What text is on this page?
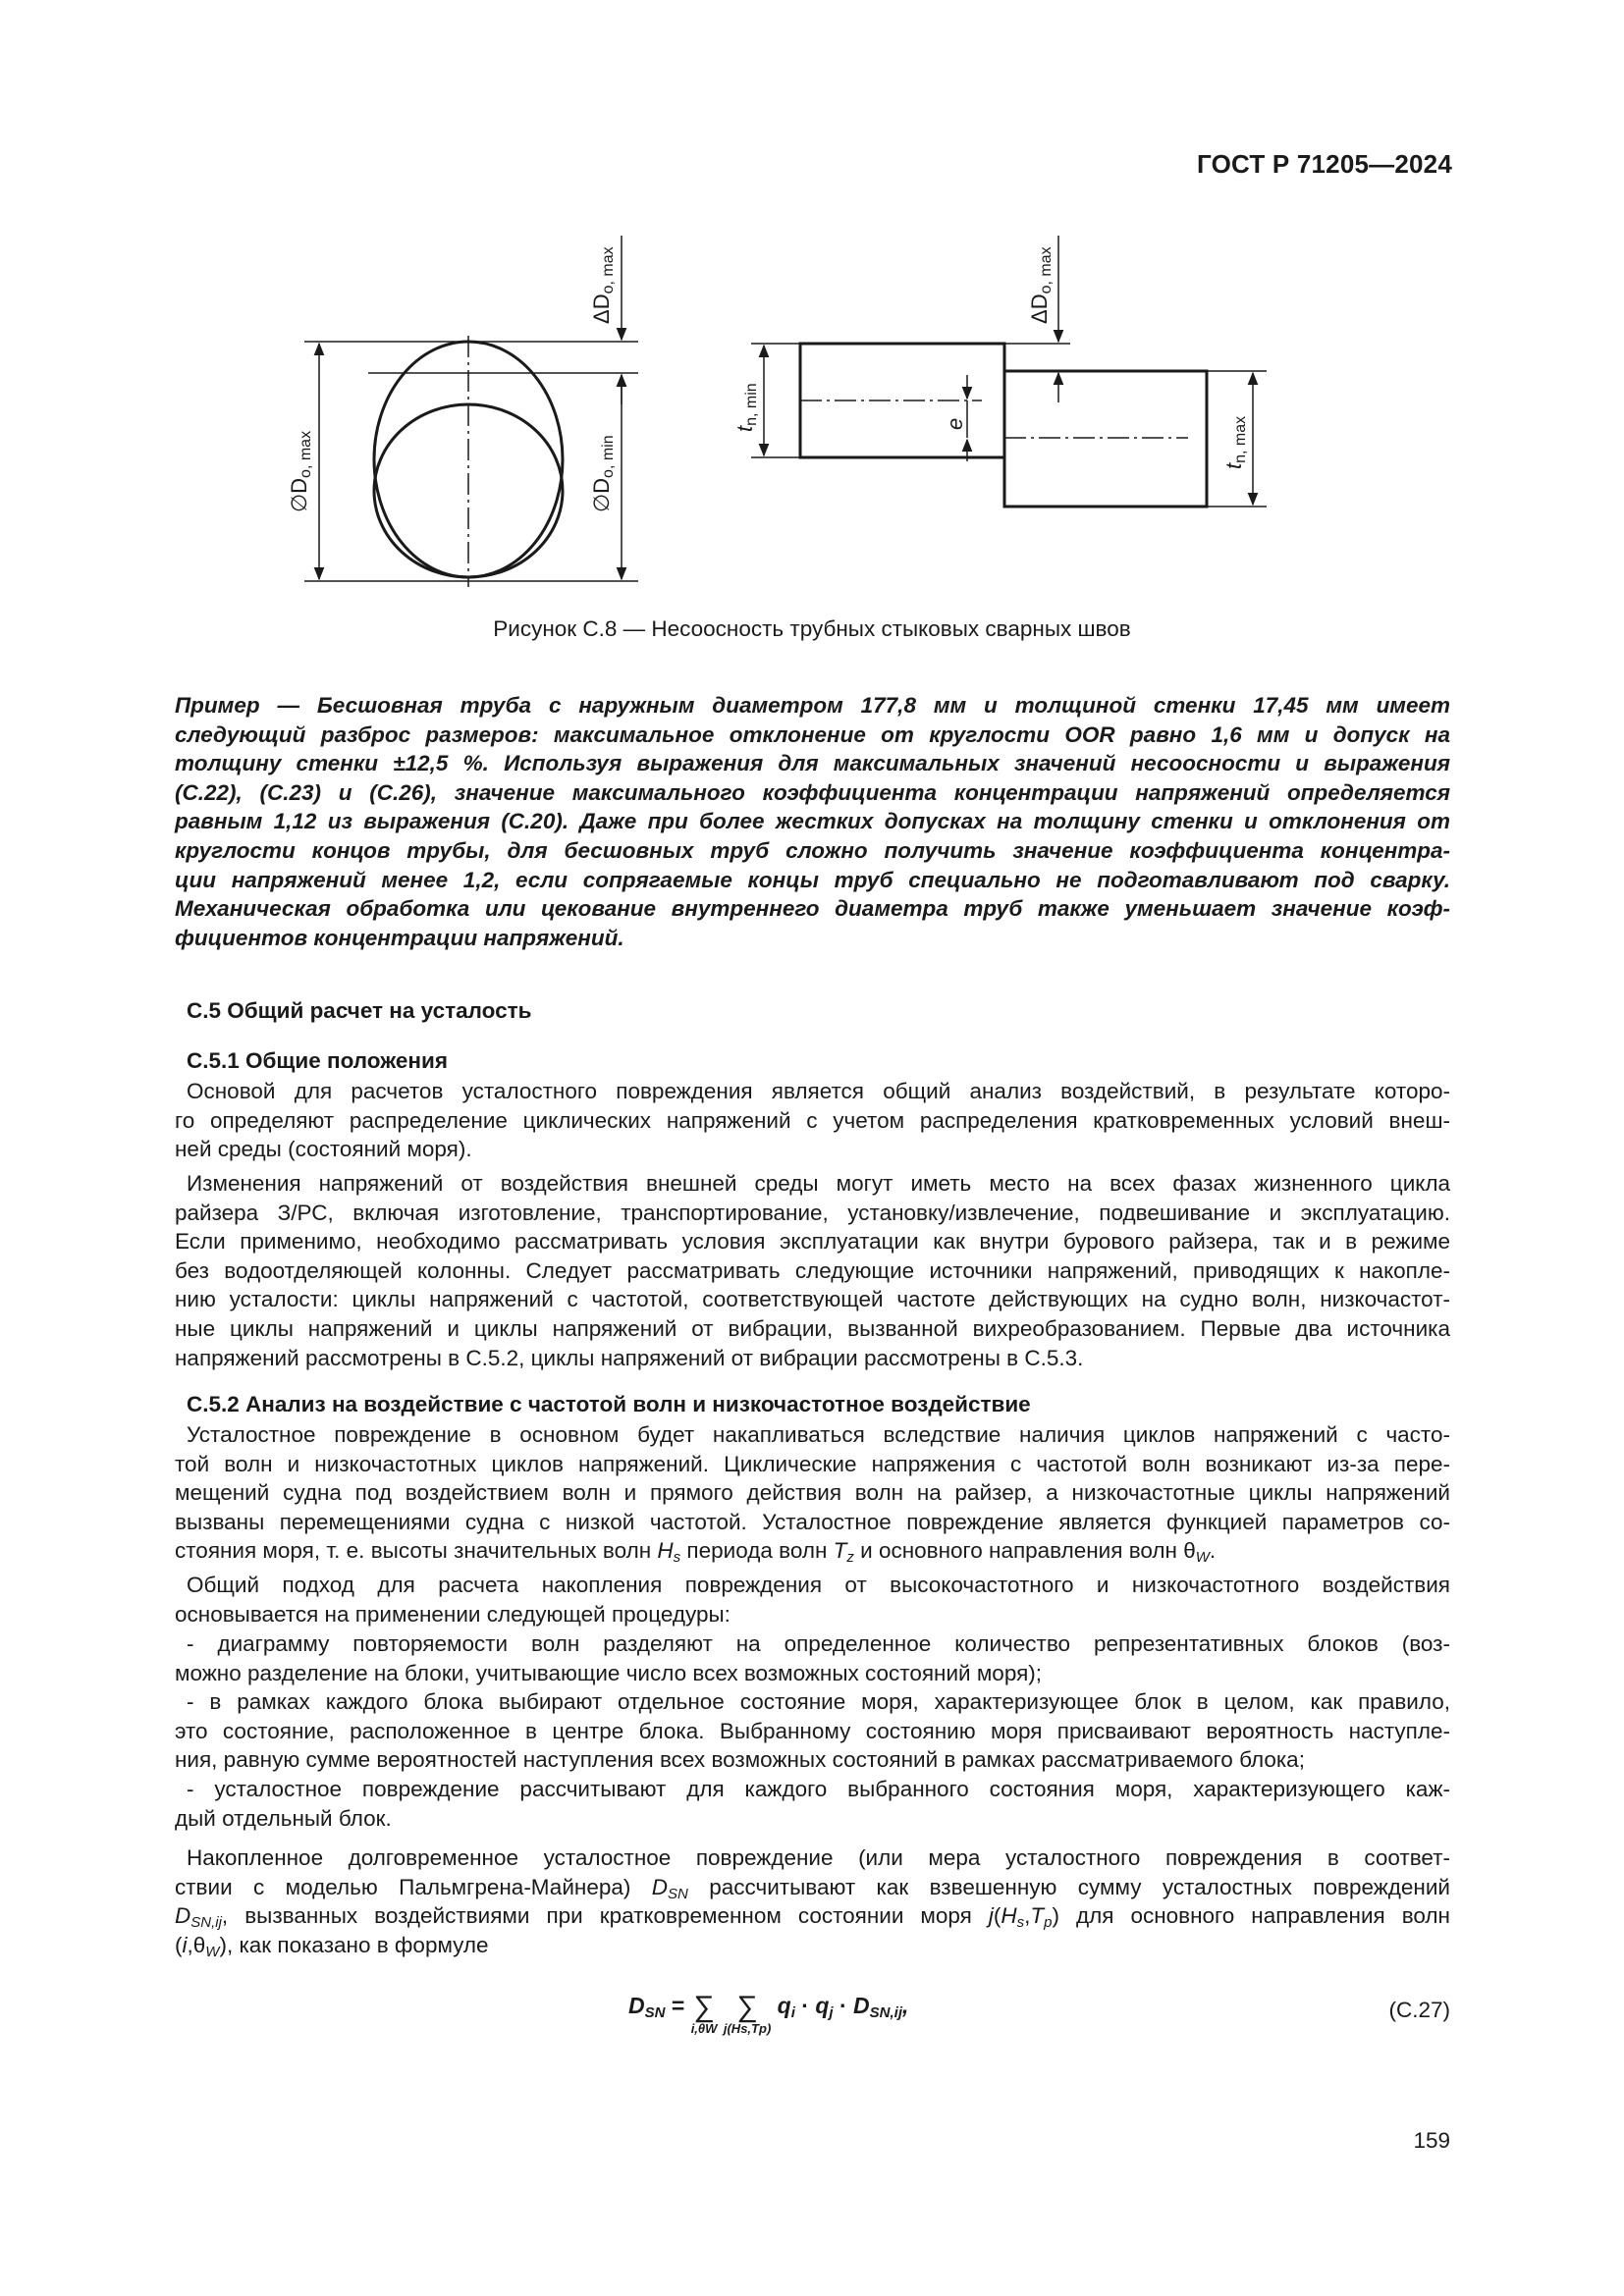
ГОСТ Р 71205—2024
∅Do, max
∅Do, min
ΔDo, max
ΔDo, max
tn, min
tn, max
e
Рисунок С.8 — Несоосность трубных стыковых сварных швов
Пример — Бесшовная труба с наружным диаметром 177,8 мм и толщиной стенки 17,45 мм имеет
следующий разброс размеров: максимальное отклонение от круглости OOR равно 1,6 мм и допуск на
толщину стенки ±12,5 %. Используя выражения для максимальных значений несоосности и выражения
(С.22), (С.23) и (С.26), значение максимального коэффициента концентрации напряжений определяется
равным 1,12 из выражения (С.20). Даже при более жестких допусках на толщину стенки и отклонения от
круглости концов трубы, для бесшовных труб сложно получить значение коэффициента концентра-
ции напряжений менее 1,2, если сопрягаемые концы труб специально не подготавливают под сварку.
Механическая обработка или цекование внутреннего диаметра труб также уменьшает значение коэф-
фициентов концентрации напряжений.
С.5 Общий расчет на усталость
С.5.1 Общие положения
Основой для расчетов усталостного повреждения является общий анализ воздействий, в результате которо-
го определяют распределение циклических напряжений с учетом распределения кратковременных условий внеш-
ней среды (состояний моря).
Изменения напряжений от воздействия внешней среды могут иметь место на всех фазах жизненного цикла
райзера З/РС, включая изготовление, транспортирование, установку/извлечение, подвешивание и эксплуатацию.
Если применимо, необходимо рассматривать условия эксплуатации как внутри бурового райзера, так и в режиме
без водоотделяющей колонны. Следует рассматривать следующие источники напряжений, приводящих к накопле-
нию усталости: циклы напряжений с частотой, соответствующей частоте действующих на судно волн, низкочастот-
ные циклы напряжений и циклы напряжений от вибрации, вызванной вихреобразованием. Первые два источника
напряжений рассмотрены в С.5.2, циклы напряжений от вибрации рассмотрены в С.5.3.
С.5.2 Анализ на воздействие с частотой волн и низкочастотное воздействие
Усталостное повреждение в основном будет накапливаться вследствие наличия циклов напряжений с часто-
той волн и низкочастотных циклов напряжений. Циклические напряжения с частотой волн возникают из-за пере-
мещений судна под воздействием волн и прямого действия волн на райзер, а низкочастотные циклы напряжений
вызваны перемещениями судна с низкой частотой. Усталостное повреждение является функцией параметров со-
стояния моря, т. е. высоты значительных волн $H_s$ периода волн $T_z$ и основного направления волн $\theta_W$.
Общий подход для расчета накопления повреждения от высокочастотного и низкочастотного воздействия
основывается на применении следующей процедуры:
- диаграмму повторяемости волн разделяют на определенное количество репрезентативных блоков (воз-
можно разделение на блоки, учитывающие число всех возможных состояний моря);
- в рамках каждого блока выбирают отдельное состояние моря, характеризующее блок в целом, как правило,
это состояние, расположенное в центре блока. Выбранному состоянию моря присваивают вероятность наступле-
ния, равную сумме вероятностей наступления всех возможных состояний в рамках рассматриваемого блока;
- усталостное повреждение рассчитывают для каждого выбранного состояния моря, характеризующего каж-
дый отдельный блок.
Накопленное долговременное усталостное повреждение (или мера усталостного повреждения в соответ-
ствии с моделью Пальмгрена-Майнера) $D_{SN}$ рассчитывают как взвешенную сумму усталостных повреждений
$D_{SN,ij}$, вызванных воздействиями при кратковременном состоянии моря $j(H_s,T_p)$ для основного направления волн
$(i,\theta_W)$, как показано в формуле
$D_{SN}$ = ∑
i,θW

∑
j(Hs,Tp)
$q_i \cdot q_j \cdot D_{SN,ij}$,	(С.27)
159
